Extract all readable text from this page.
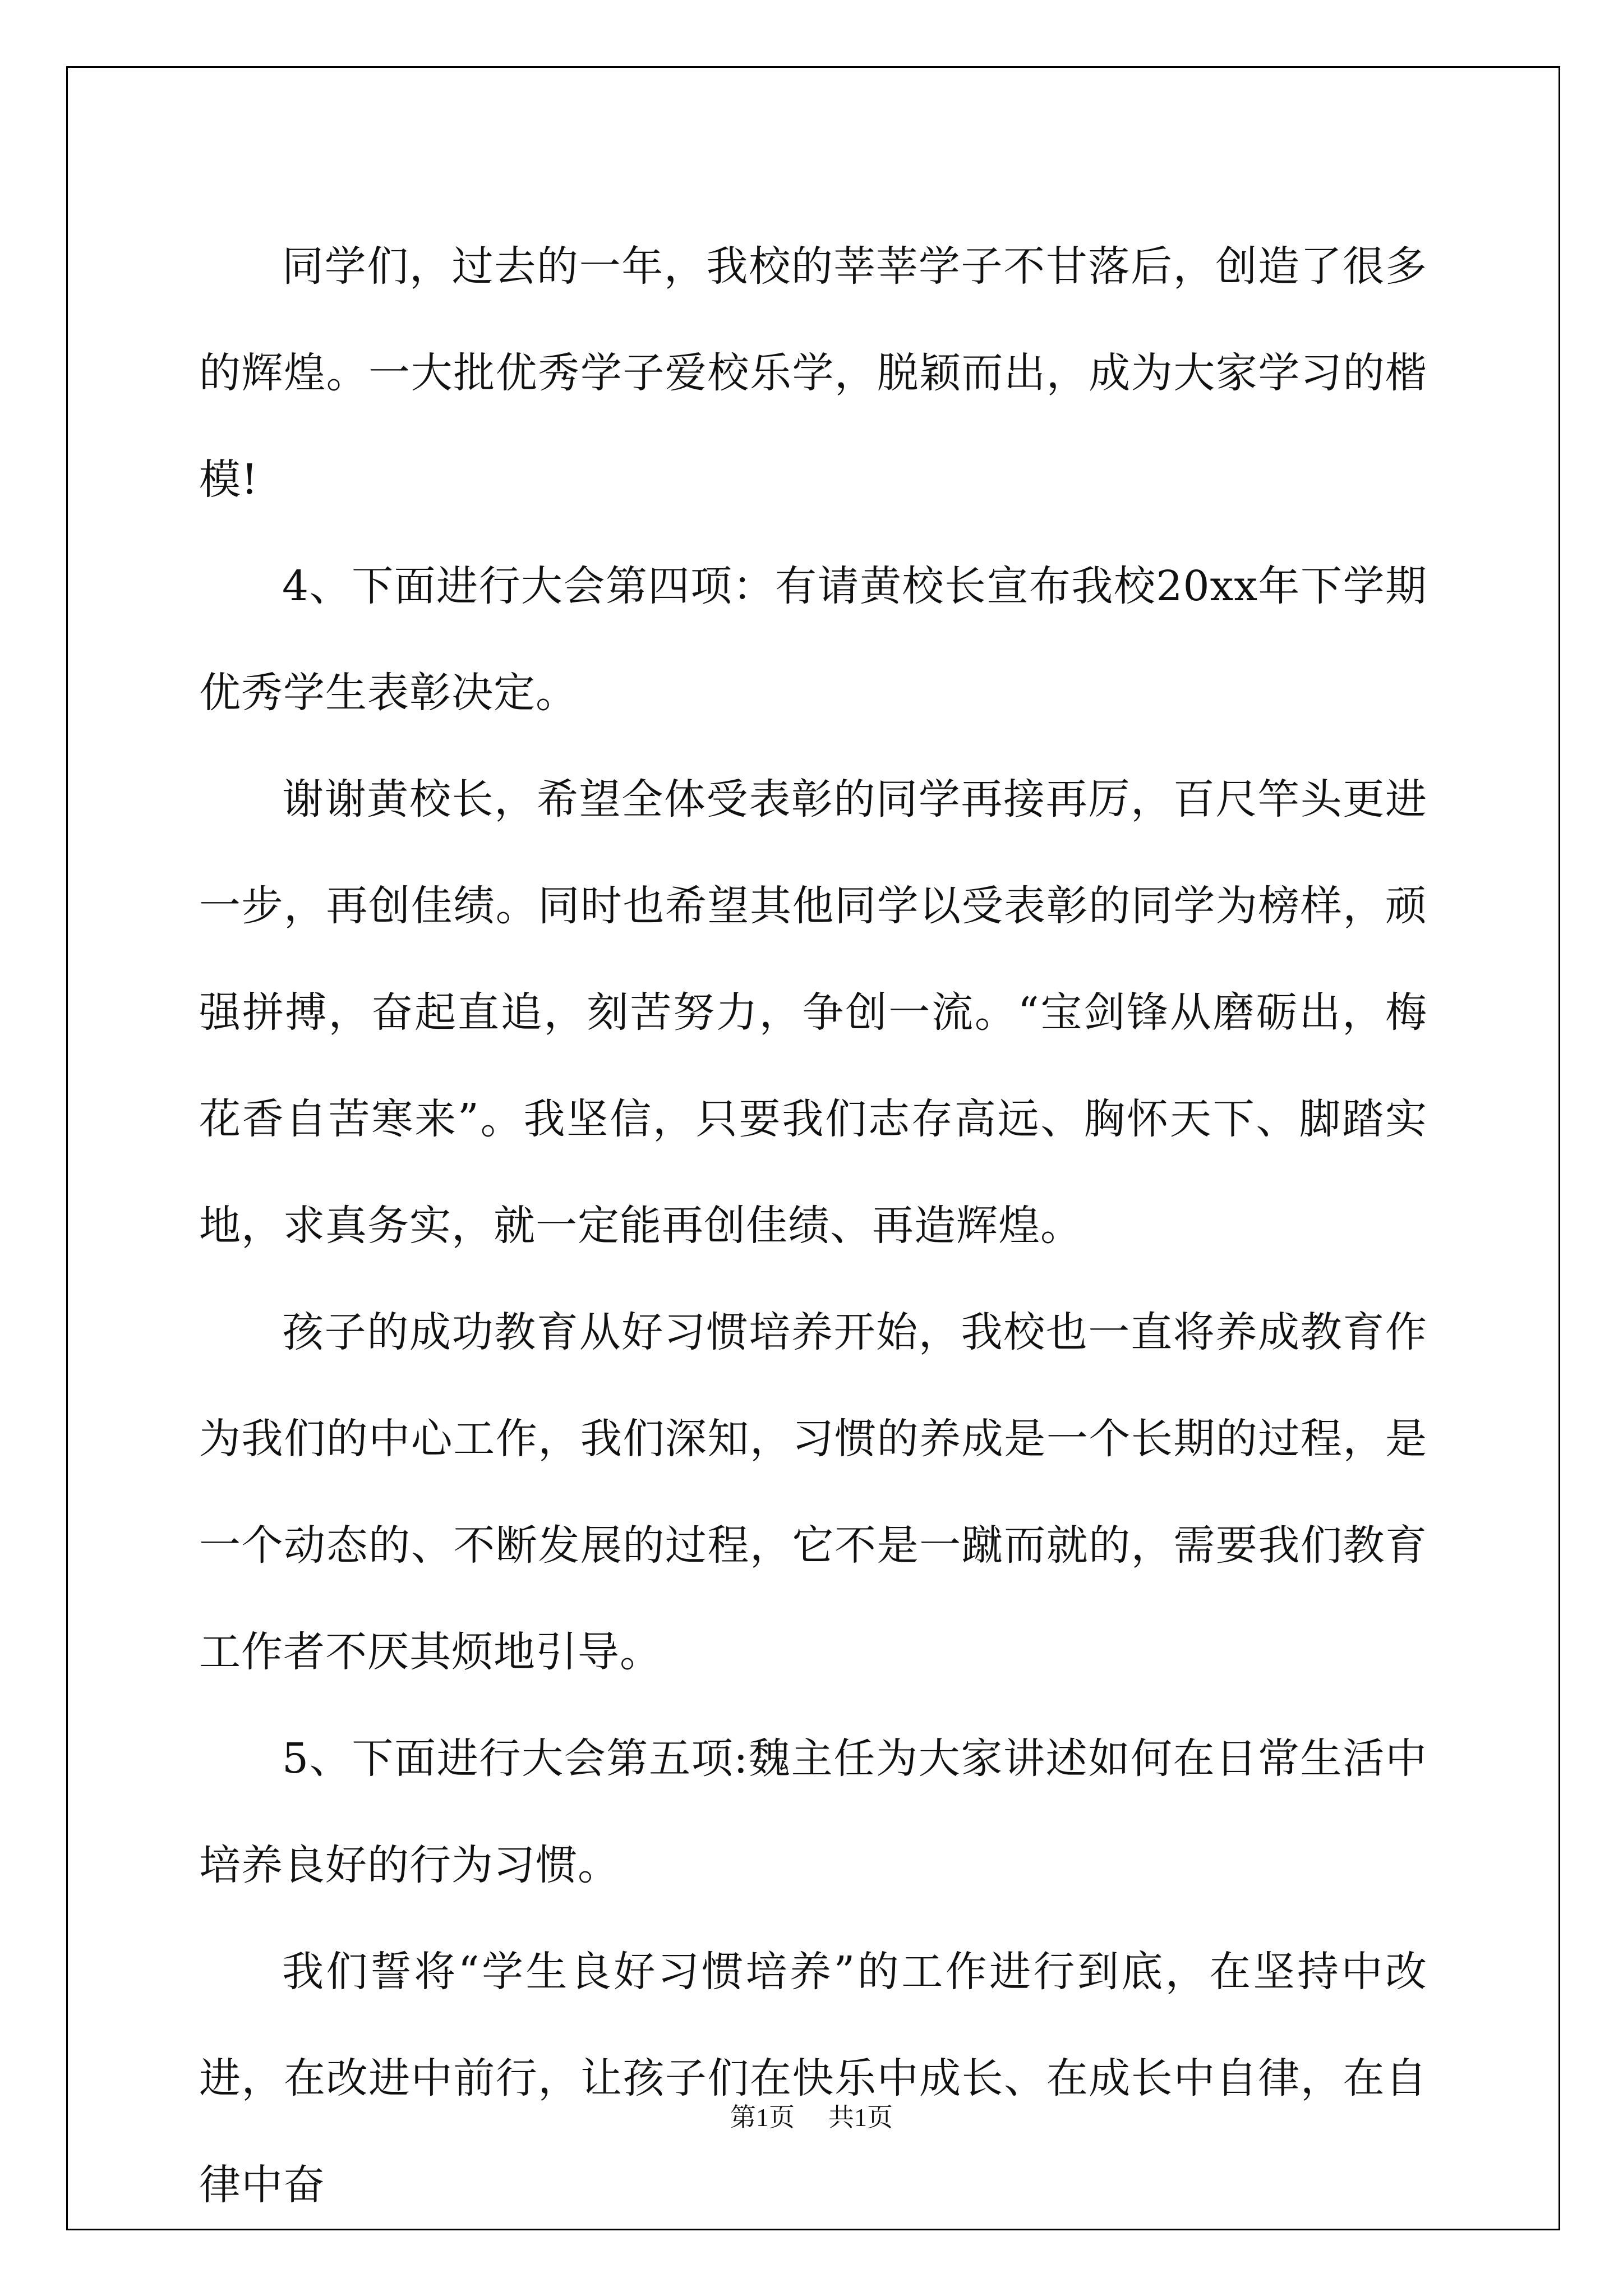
同学们，过去的一年，我校的莘莘学子不甘落后，创造了很多的辉煌。一大批优秀学子爱校乐学，脱颖而出，成为大家学习的楷模!

4、下面进行大会第四项：有请黄校长宣布我校20xx年下学期优秀学生表彰决定。

谢谢黄校长，希望全体受表彰的同学再接再厉，百尺竿头更进一步，再创佳绩。同时也希望其他同学以受表彰的同学为榜样，顽强拼搏，奋起直追，刻苦努力，争创一流。“宝剑锋从磨砺出，梅花香自苦寒来”。我坚信，只要我们志存高远、胸怀天下、脚踏实地，求真务实，就一定能再创佳绩、再造辉煌。

孩子的成功教育从好习惯培养开始，我校也一直将养成教育作为我们的中心工作，我们深知，习惯的养成是一个长期的过程，是一个动态的、不断发展的过程，它不是一蹴而就的，需要我们教育工作者不厌其烦地引导。

5、下面进行大会第五项:魏主任为大家讲述如何在日常生活中培养良好的行为习惯。

我们誓将“学生良好习惯培养”的工作进行到底，在坚持中改进，在改进中前行，让孩子们在快乐中成长、在成长中自律，在自律中奋

第1页 共1页
